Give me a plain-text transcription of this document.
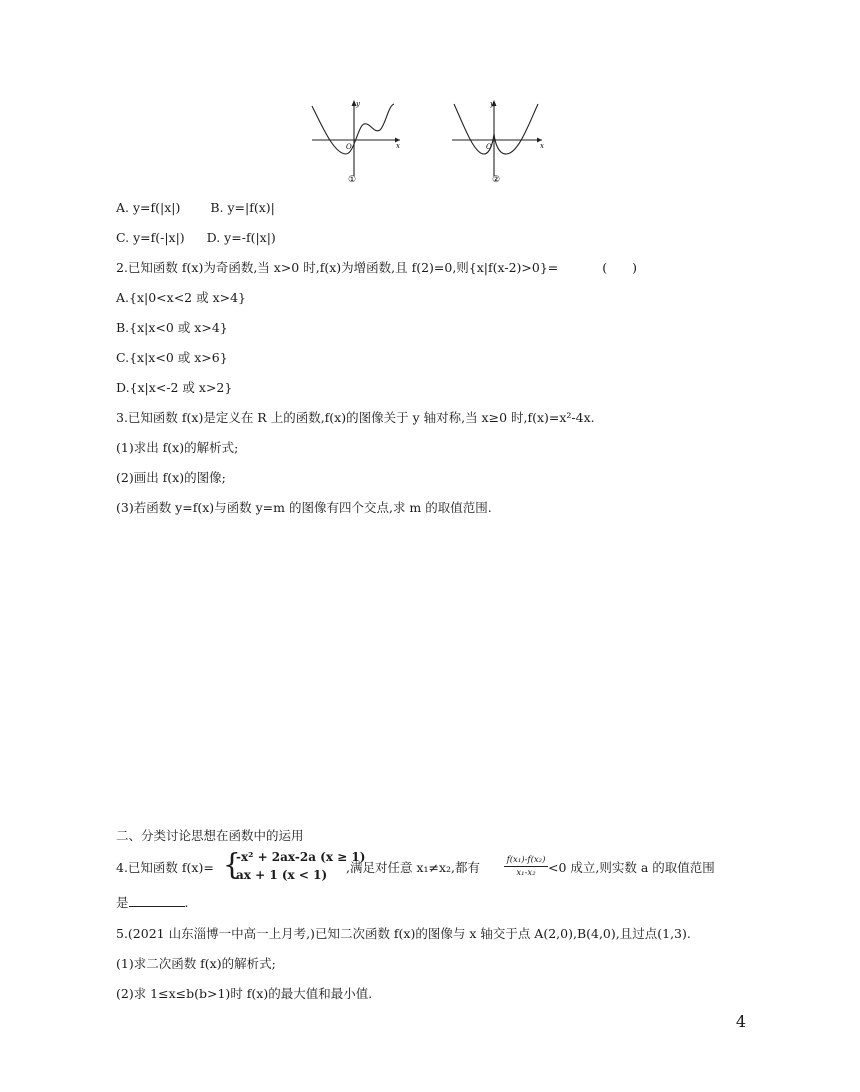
x
y
O
①
x
y
O
②
A. y=f(|x|) B. y=|f(x)|
C. y=f(-|x|) D. y=-f(|x|)
2.已知函数 f(x)为奇函数,当 x>0 时,f(x)为增函数,且 f(2)=0,则{x|f(x-2)>0}=	(　　)
A.{x|0<x<2 或 x>4}
B.{x|x<0 或 x>4}
C.{x|x<0 或 x>6}
D.{x|x<-2 或 x>2}
3.已知函数 f(x)是定义在 R 上的函数,f(x)的图像关于 y 轴对称,当 x≥0 时,f(x)=x²-4x.
(1)求出 f(x)的解析式;
(2)画出 f(x)的图像;
(3)若函数 y=f(x)与函数 y=m 的图像有四个交点,求 m 的取值范围.
二、分类讨论思想在函数中的运用
4.已知函数 f(x)= {
-x² + 2ax-2a (x ≥ 1)
ax + 1 (x < 1) ,满足对任意 x₁≠x₂,都有	$\frac{\text{f(x₁)-f(x₂)}}{\text{x₁-x₂}} <0$ 成立,则实数 a 的取值范围
是	.
5.(2021 山东淄博一中高一上月考,)已知二次函数 f(x)的图像与 x 轴交于点 A(2,0),B(4,0),且过点(1,3).
(1)求二次函数 f(x)的解析式;
(2)求 1≤x≤b(b>1)时 f(x)的最大值和最小值.
4
